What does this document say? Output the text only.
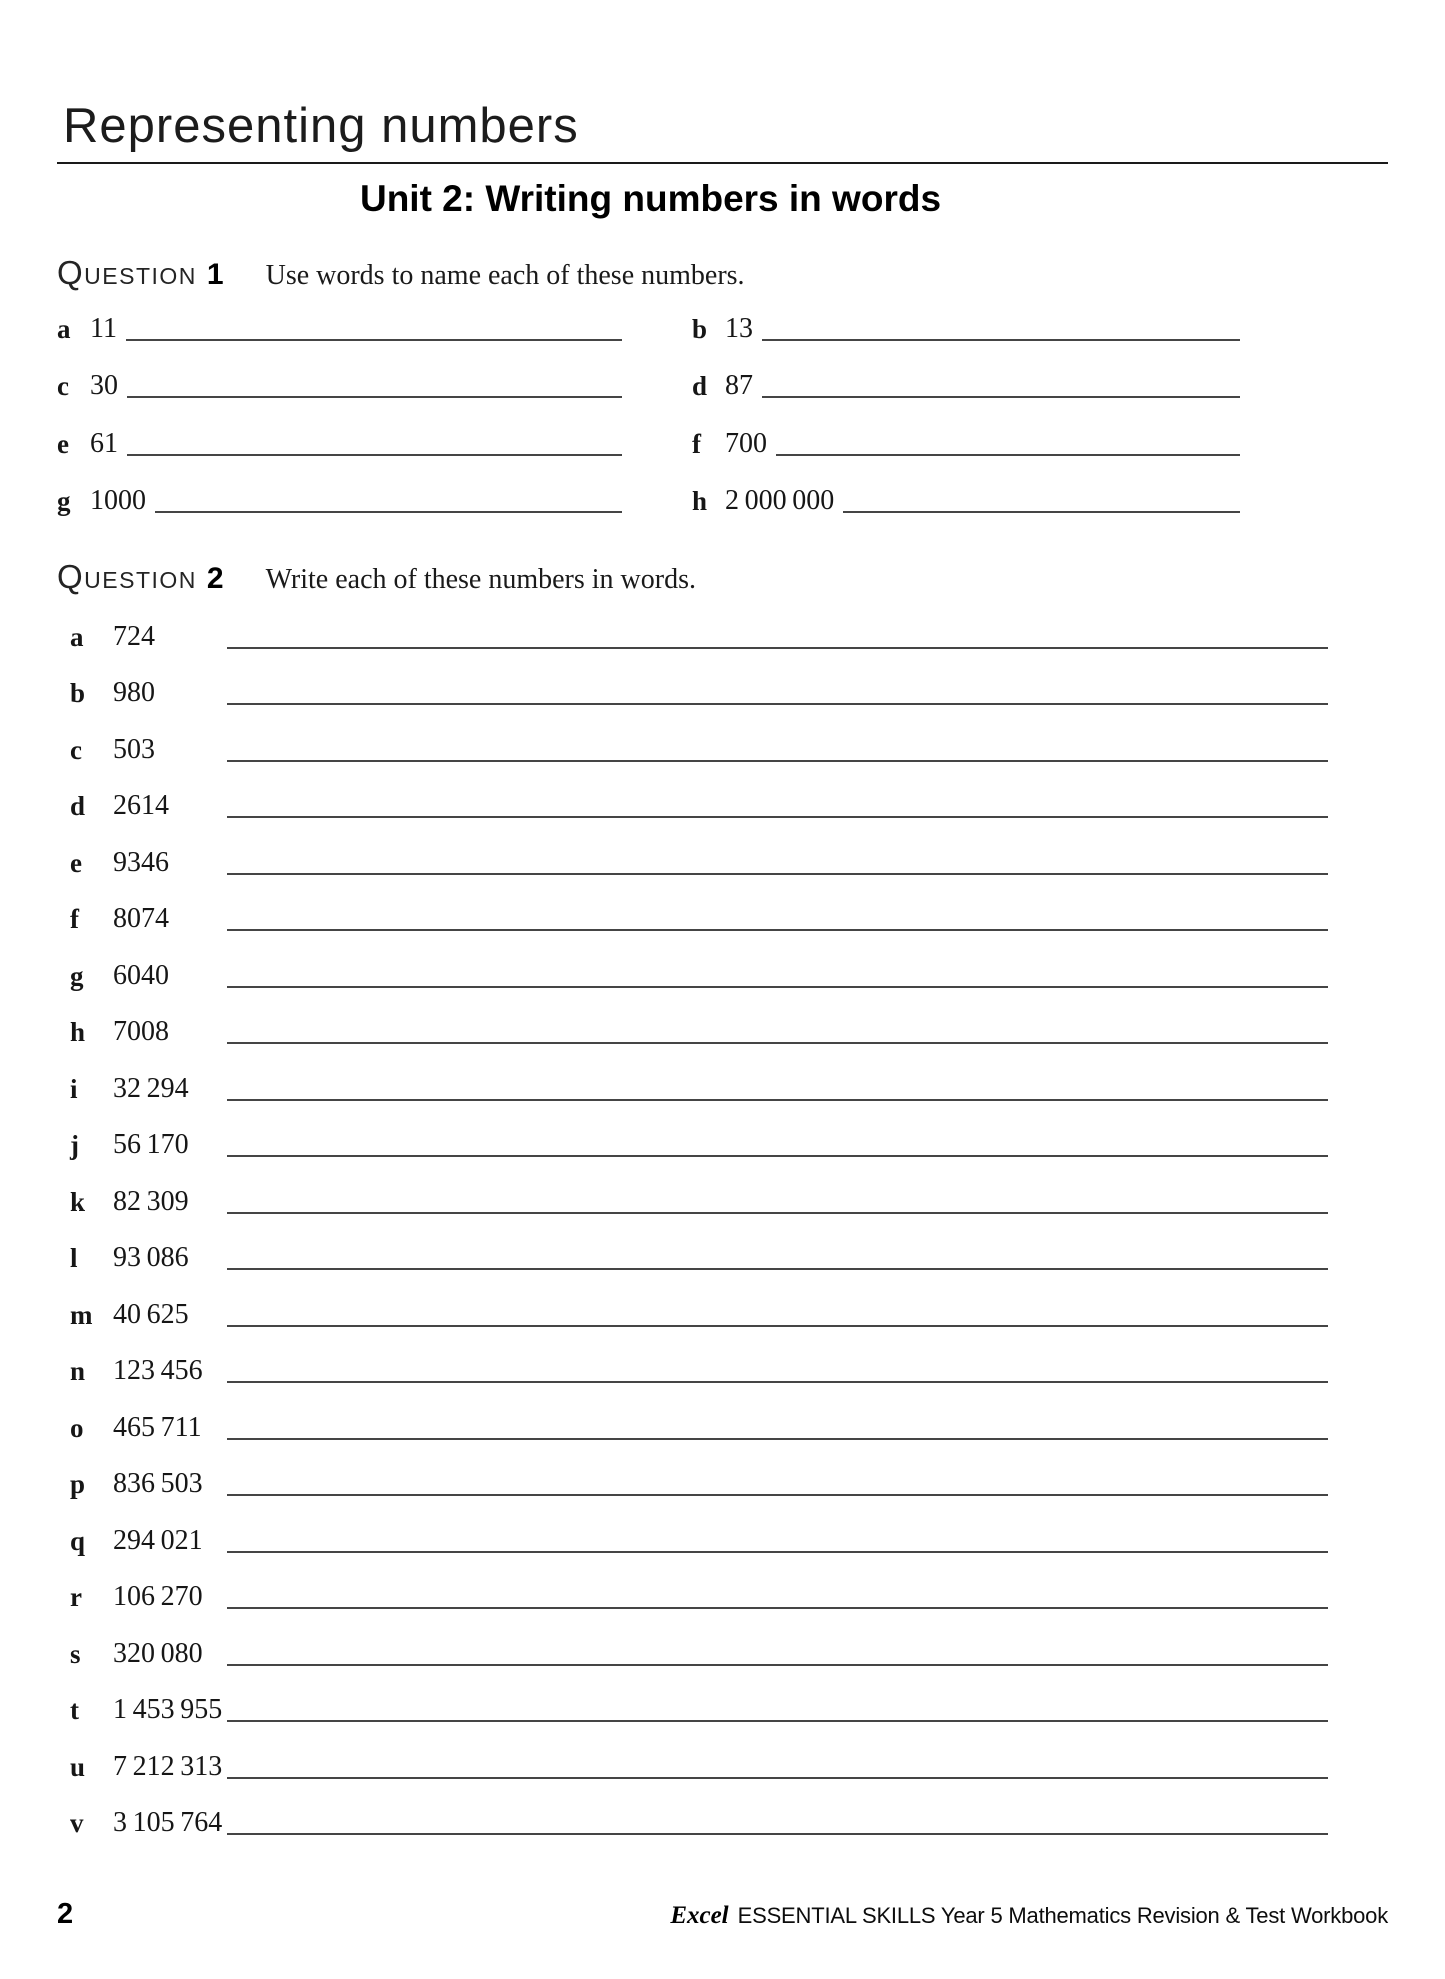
Representing numbers
Unit 2: Writing numbers in words
Question 1 Use words to name each of these numbers.
a 11	b 13
c 30	d 87
e 61	f 700
g 1000	h 2 000 000
Question 2 Write each of these numbers in words.
a	724
b 980
c	503
d 2614
e	9346
f	8074
g	6040
h 7008
i	32 294
j	56 170
k 82 309
l	93 086
m 40 625
n 123 456
o	465 711
p 836 503
q 294 021
r	106 270
s	320 080
t	1 453 955
u 7 212 313
v	3 105 764
2	Excel ESSENTIAL SKILLS Year 5 Mathematics Revision & Test Workbook
